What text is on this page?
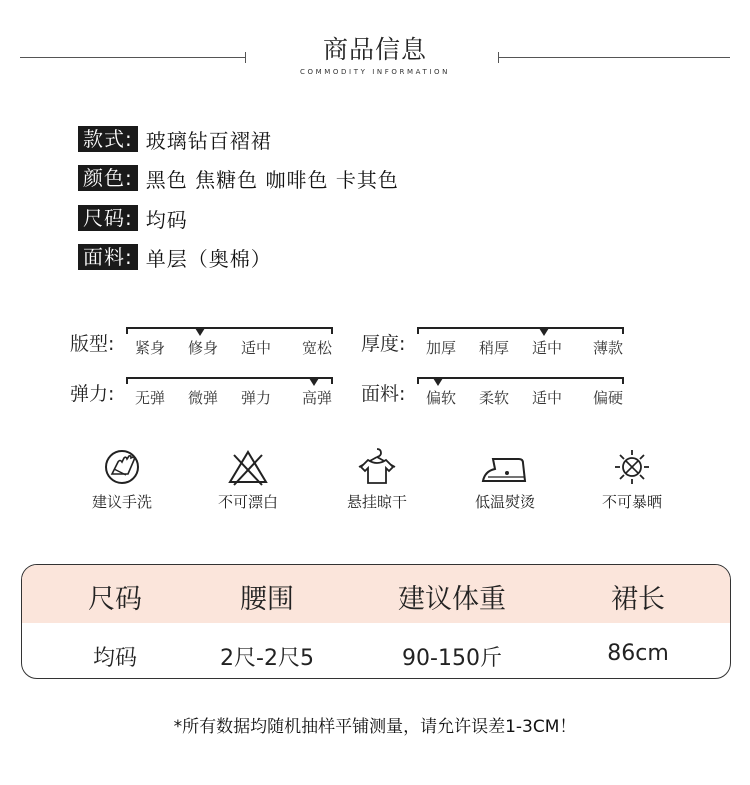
商品信息
COMMODITY INFORMATION
款式: 玻璃钻百褶裙
颜色: 黑色 焦糖色 咖啡色 卡其色
尺码: 均码
面料: 单层（奥棉）
版型: 紧身 修身 适中 宽松 厚度: 加厚 稍厚 适中 薄款
弹力: 无弹 微弹 弹力 高弹 面料: 偏软 柔软 适中 偏硬
建议手洗	不可漂白	悬挂晾干	低温熨烫	不可暴晒
尺码	腰围	建议体重	裙长
均码	2尺-2尺5	90-150斤	86cm
*所有数据均随机抽样平铺测量，请允许误差1-3CM！
